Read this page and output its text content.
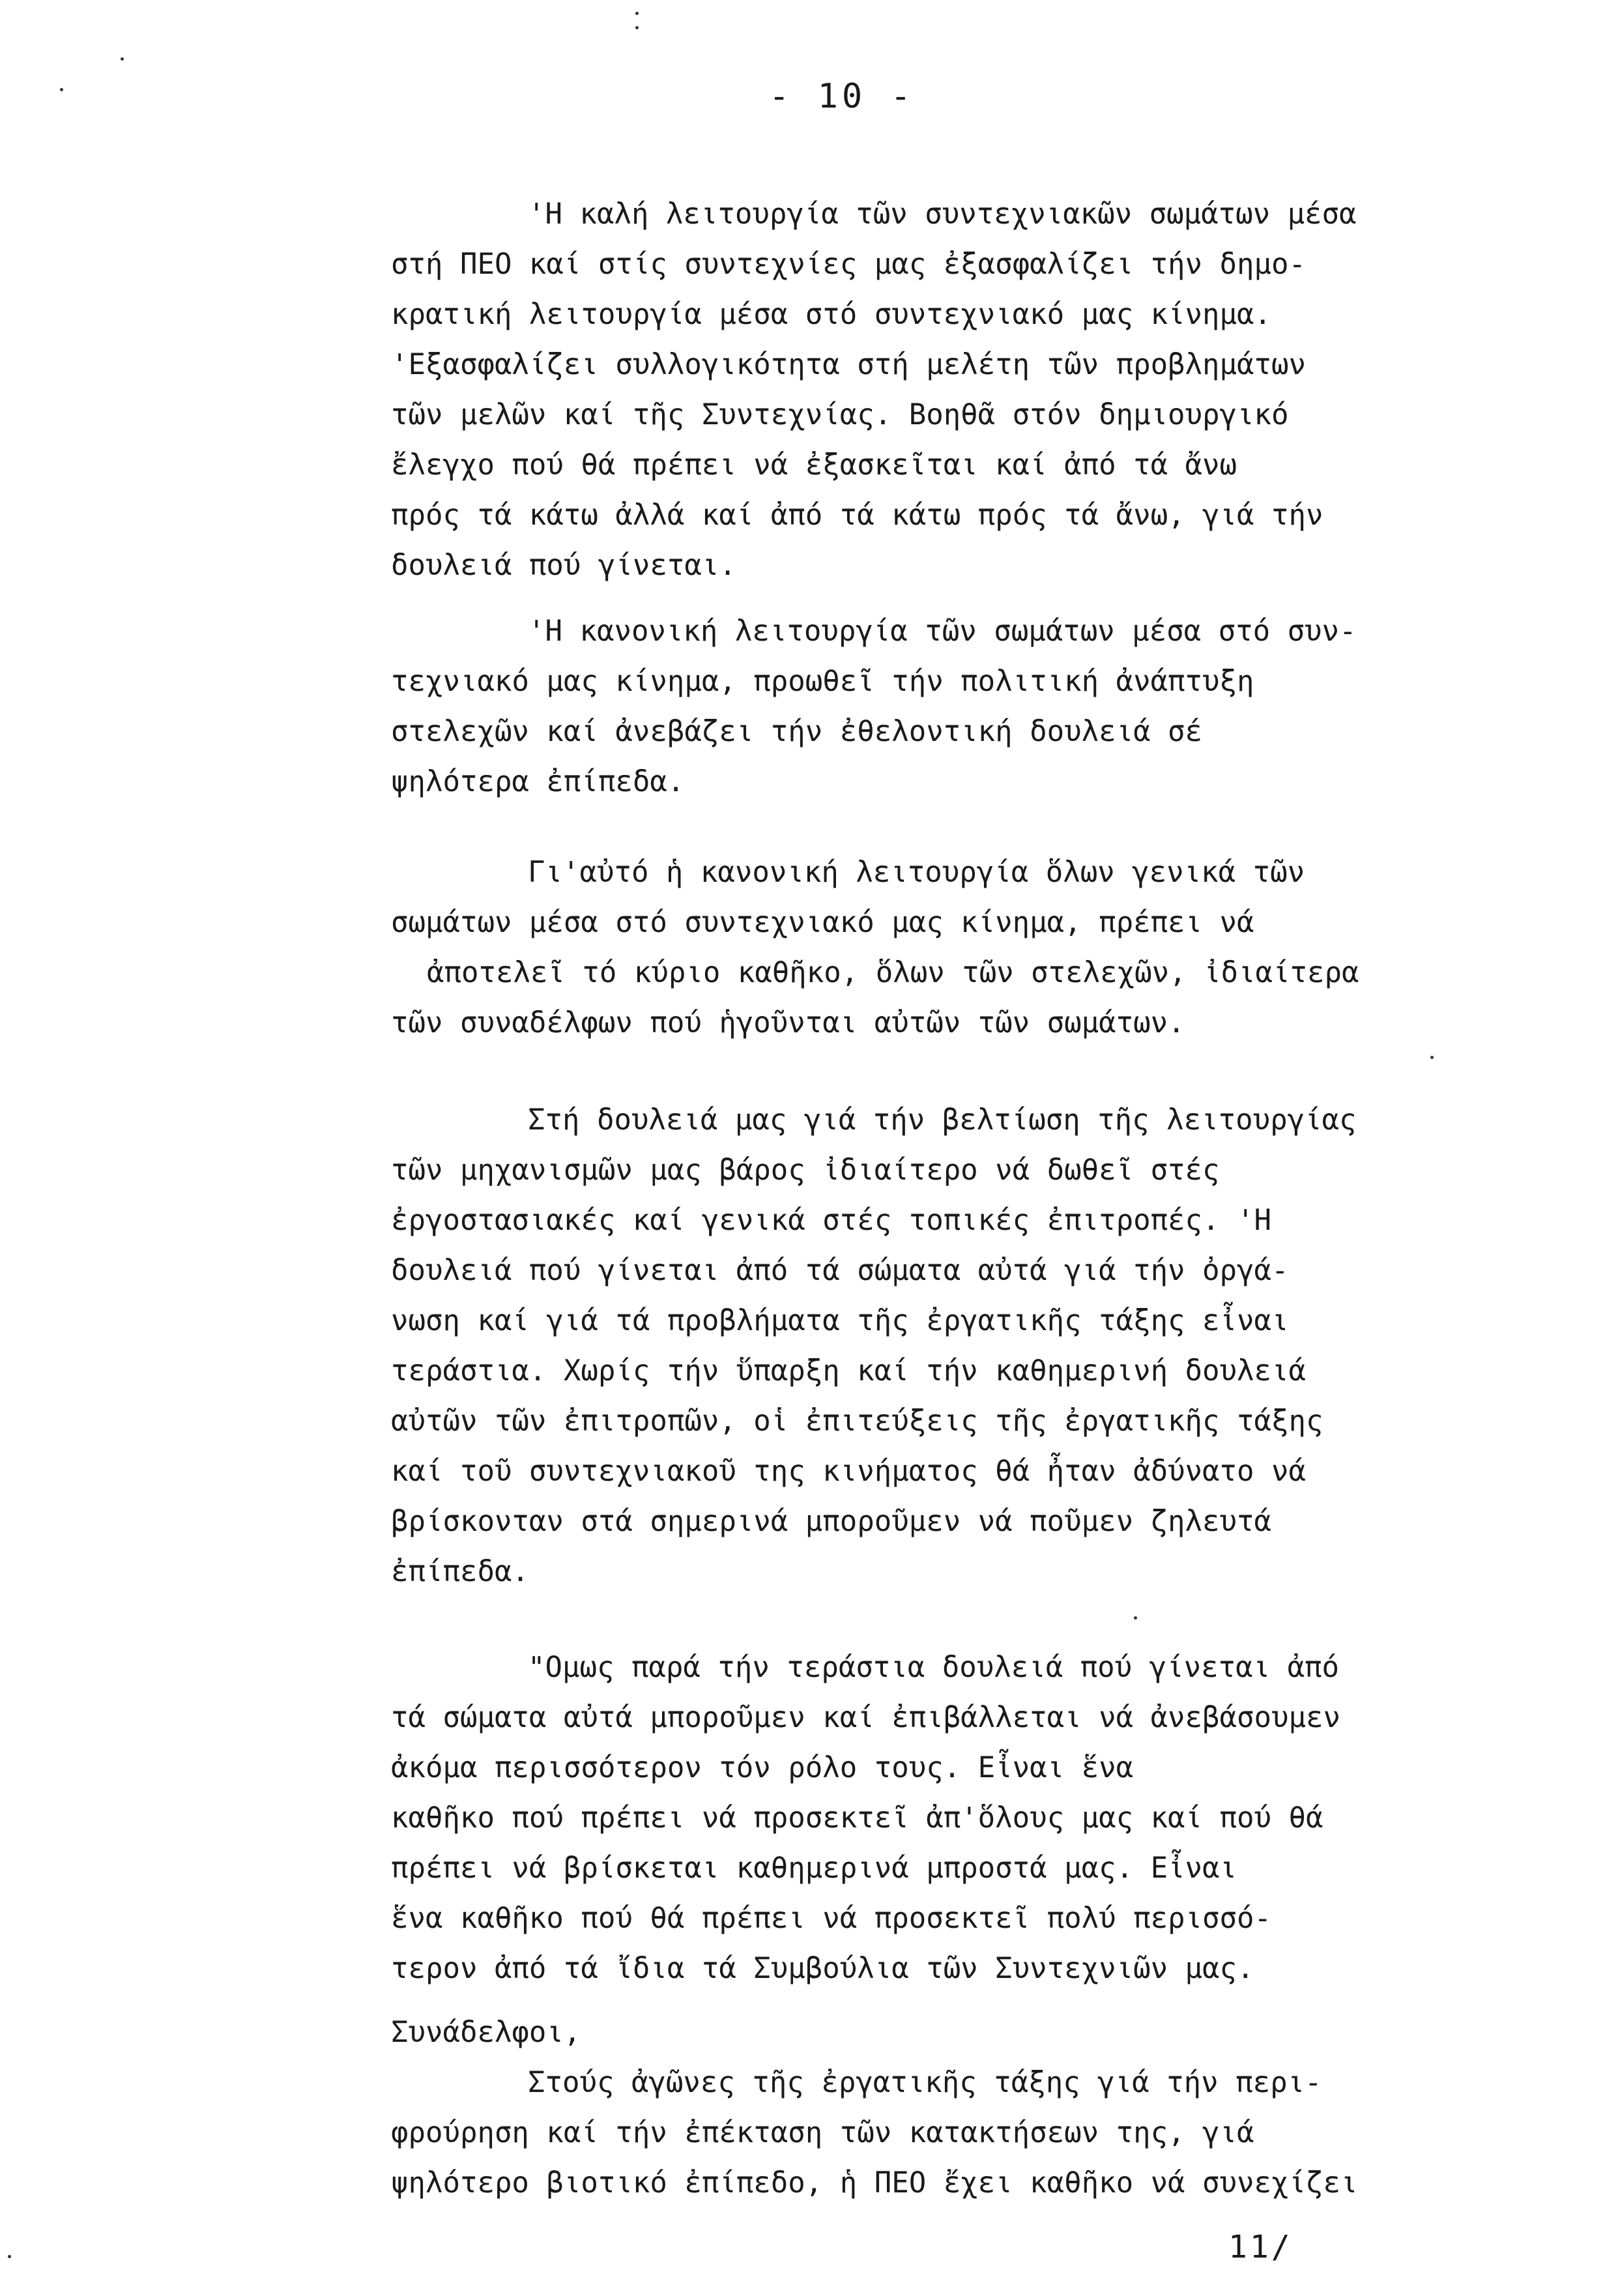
- 10 -
'Η καλή λειτουργία τῶν συντεχνιακῶν σωμάτων μέσα
στή ΠΕΟ καί στίς συντεχνίες μας ἐξασφαλίζει τήν δημο-
κρατική λειτουργία μέσα στό συντεχνιακό μας κίνημα.
'Εξασφαλίζει συλλογικότητα στή μελέτη τῶν προβλημάτων
τῶν μελῶν καί τῆς Συντεχνίας. Βοηθᾶ στόν δημιουργικό
ἔλεγχο πού θά πρέπει νά ἐξασκεῖται καί ἀπό τά ἄνω
πρός τά κάτω ἀλλά καί ἀπό τά κάτω πρός τά ἄνω, γιά τήν
δουλειά πού γίνεται.
'Η κανονική λειτουργία τῶν σωμάτων μέσα στό συν-
τεχνιακό μας κίνημα, προωθεῖ τήν πολιτική ἀνάπτυξη
στελεχῶν καί ἀνεβάζει τήν ἐθελοντική δουλειά σέ
ψηλότερα ἐπίπεδα.
Γι'αὐτό ἡ κανονική λειτουργία ὅλων γενικά τῶν
σωμάτων μέσα στό συντεχνιακό μας κίνημα, πρέπει νά
ἀποτελεῖ τό κύριο καθῆκο, ὅλων τῶν στελεχῶν, ἰδιαίτερα
τῶν συναδέλφων πού ἡγοῦνται αὐτῶν τῶν σωμάτων.
Στή δουλειά μας γιά τήν βελτίωση τῆς λειτουργίας
τῶν μηχανισμῶν μας βάρος ἰδιαίτερο νά δωθεῖ στές
ἐργοστασιακές καί γενικά στές τοπικές ἐπιτροπές. 'Η
δουλειά πού γίνεται ἀπό τά σώματα αὐτά γιά τήν ὀργά-
νωση καί γιά τά προβλήματα τῆς ἐργατικῆς τάξης εἶναι
τεράστια. Χωρίς τήν ὕπαρξη καί τήν καθημερινή δουλειά
αὐτῶν τῶν ἐπιτροπῶν, οἱ ἐπιτεύξεις τῆς ἐργατικῆς τάξης
καί τοῦ συντεχνιακοῦ της κινήματος θά ἦταν ἀδύνατο νά
βρίσκονταν στά σημερινά μποροῦμεν νά ποῦμεν ζηλευτά
ἐπίπεδα.
"Ομως παρά τήν τεράστια δουλειά πού γίνεται ἀπό
τά σώματα αὐτά μποροῦμεν καί ἐπιβάλλεται νά ἀνεβάσουμεν
ἀκόμα περισσότερον τόν ρόλο τους. Εἶναι ἕνα
καθῆκο πού πρέπει νά προσεκτεῖ ἀπ'ὅλους μας καί πού θά
πρέπει νά βρίσκεται καθημερινά μπροστά μας. Εἶναι
ἕνα καθῆκο πού θά πρέπει νά προσεκτεῖ πολύ περισσό-
τερον ἀπό τά ἴδια τά Συμβούλια τῶν Συντεχνιῶν μας.
Συνάδελφοι,
Στούς ἀγῶνες τῆς ἐργατικῆς τάξης γιά τήν περι-
φρούρηση καί τήν ἐπέκταση τῶν κατακτήσεων της, γιά
ψηλότερο βιοτικό ἐπίπεδο, ἡ ΠΕΟ ἔχει καθῆκο νά συνεχίζει
11/
